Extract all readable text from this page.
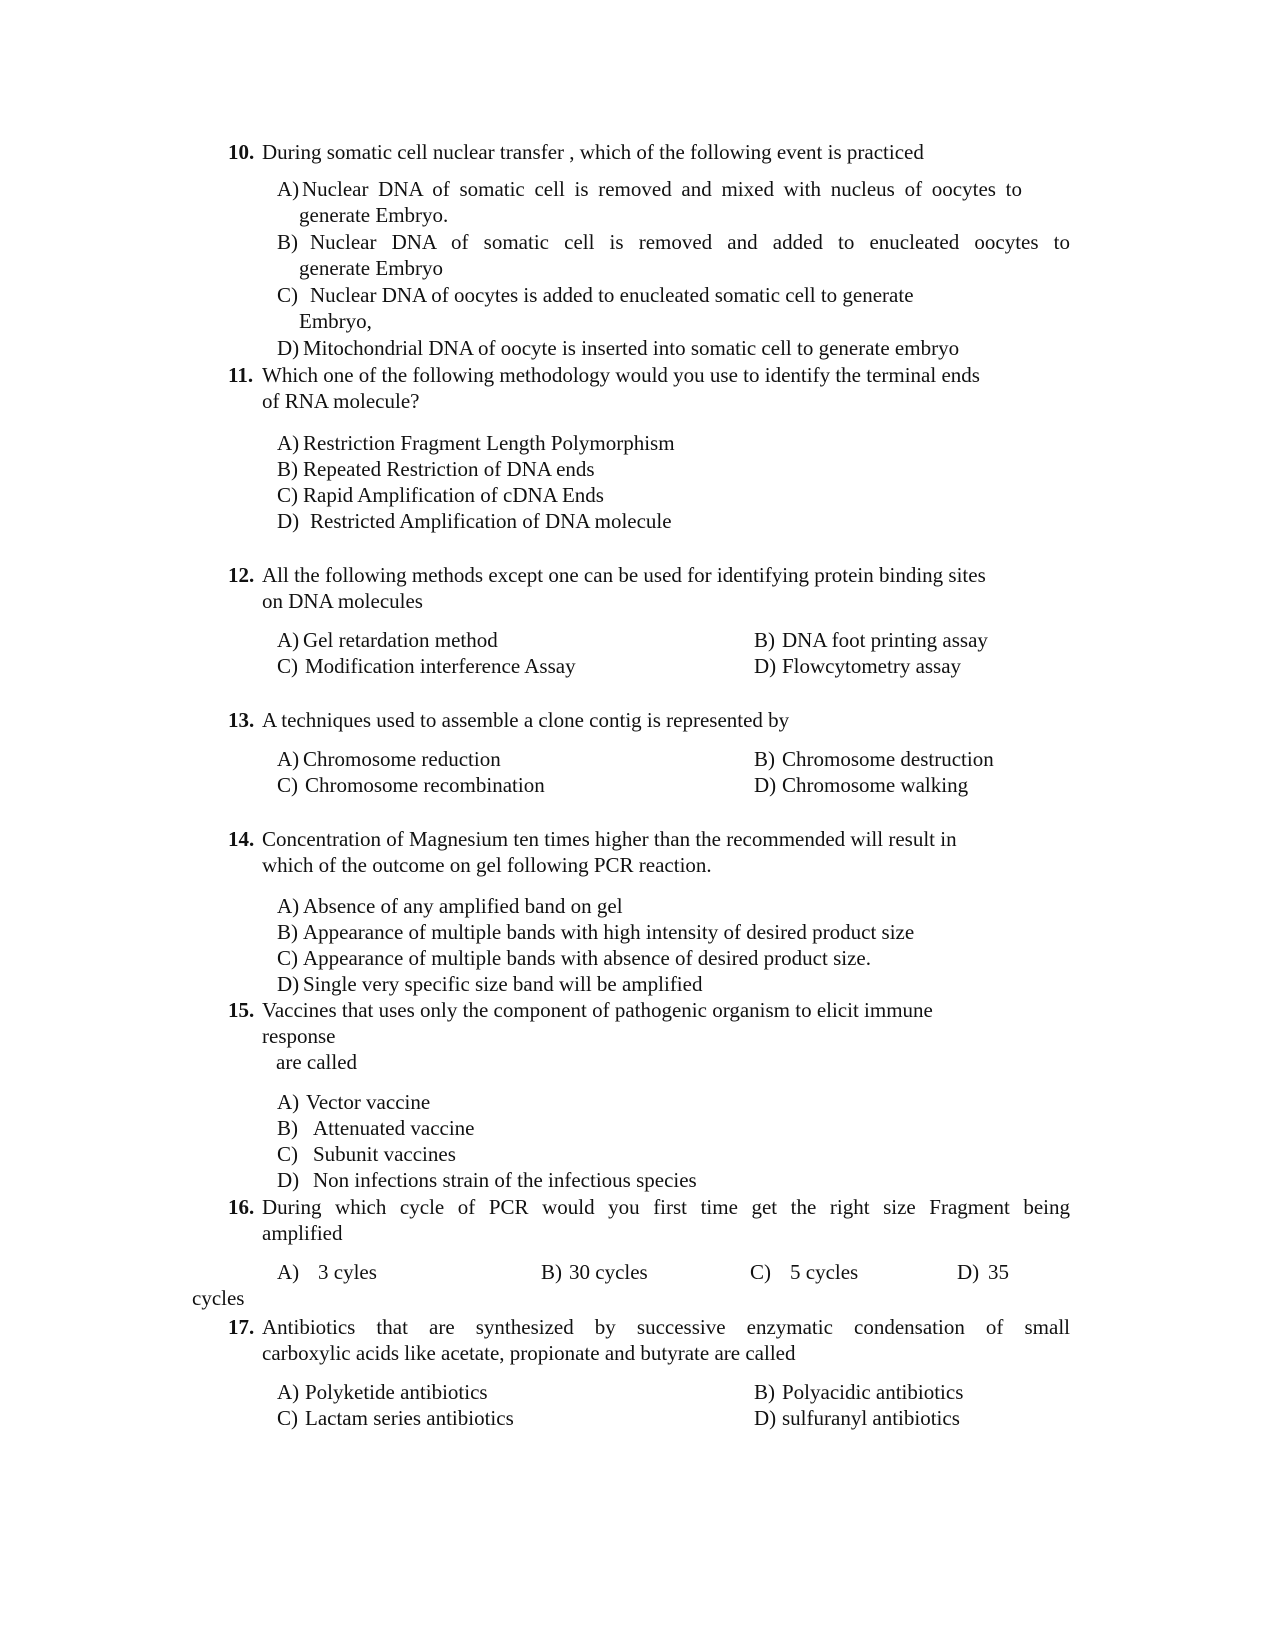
10. During somatic cell nuclear transfer , which of the following event is practiced
A) Nuclear DNA of somatic cell is removed and mixed with nucleus of oocytes to
generate Embryo.
B) Nuclear DNA of somatic cell is removed and added to enucleated oocytes to
generate Embryo
C) Nuclear DNA of oocytes is added to enucleated somatic cell to generate
Embryo,
D) Mitochondrial DNA of oocyte is inserted into somatic cell to generate embryo
11. Which one of the following methodology would you use to identify the terminal ends
of RNA molecule?
A) Restriction Fragment Length Polymorphism
B) Repeated Restriction of DNA ends
C) Rapid Amplification of cDNA Ends
D) Restricted Amplification of DNA molecule
12. All the following methods except one can be used for identifying protein binding sites
on DNA molecules
A) Gel retardation method	B) DNA foot printing assay
C) Modification interference Assay	D) Flowcytometry assay
13. A techniques used to assemble a clone contig is represented by
A) Chromosome reduction	B) Chromosome destruction
C) Chromosome recombination	D) Chromosome walking
14. Concentration of Magnesium ten times higher than the recommended will result in
which of the outcome on gel following PCR reaction.
A) Absence of any amplified band on gel
B) Appearance of multiple bands with high intensity of desired product size
C) Appearance of multiple bands with absence of desired product size.
D) Single very specific size band will be amplified
15. Vaccines that uses only the component of pathogenic organism to elicit immune
response
are called
A) Vector vaccine
B) Attenuated vaccine
C) Subunit vaccines
D) Non infections strain of the infectious species
16. During which cycle of PCR would you first time get the right size Fragment being
amplified
A) 3 cyles	B) 30 cycles	C) 5 cycles	D) 35
cycles
17. Antibiotics that are synthesized by successive enzymatic condensation of small
carboxylic acids like acetate, propionate and butyrate are called
A) Polyketide antibiotics	B) Polyacidic antibiotics
C) Lactam series antibiotics	D) sulfuranyl antibiotics
